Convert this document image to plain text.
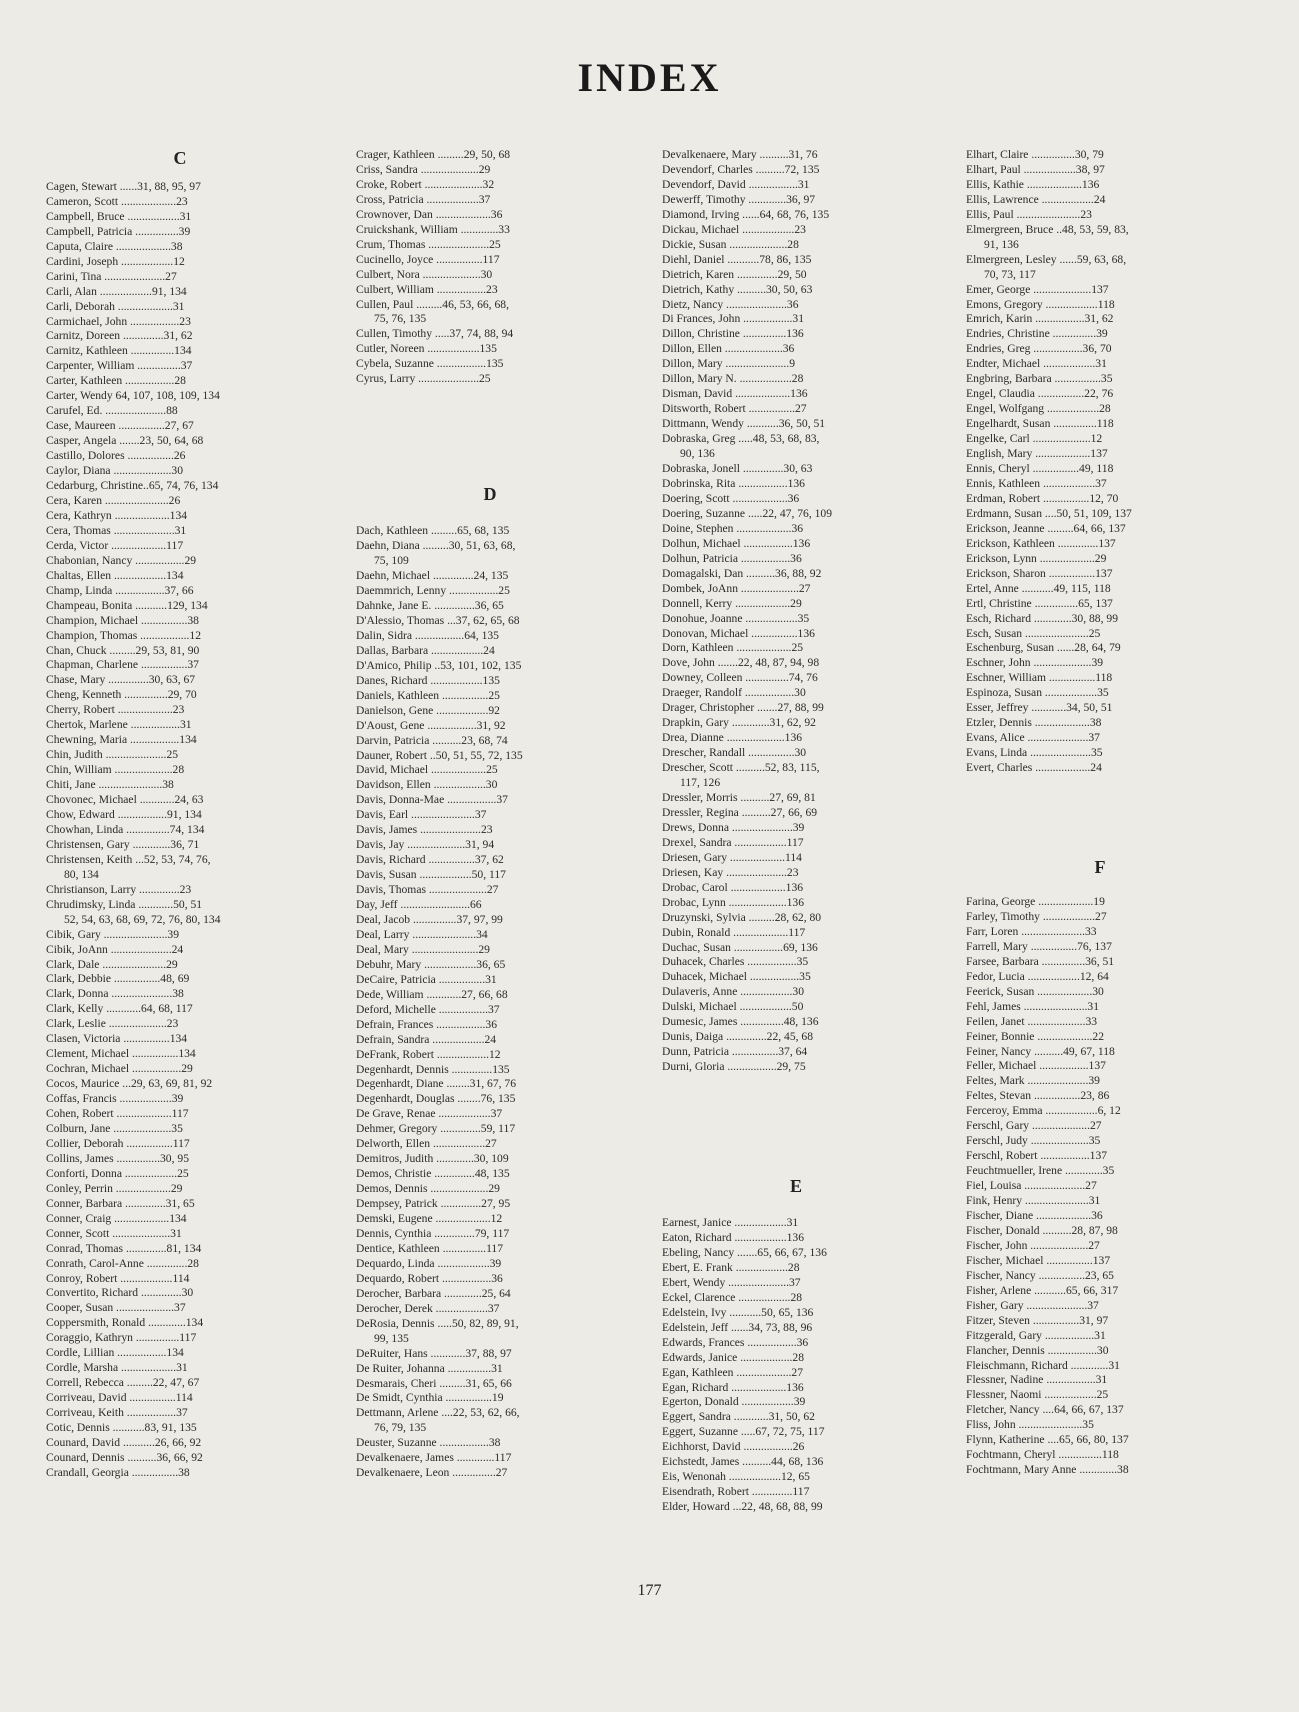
INDEX
C
Cagen, Stewart ......31, 88, 95, 97
Cameron, Scott ...................23
Campbell, Bruce ..................31
Campbell, Patricia ...............39
Caputa, Claire ...................38
Cardini, Joseph ..................12
Carini, Tina .....................27
Carli, Alan ..................91, 134
Carli, Deborah ...................31
Carmichael, John .................23
Carnitz, Doreen ..............31, 62
Carnitz, Kathleen ...............134
Carpenter, William ...............37
Carter, Kathleen .................28
Carter, Wendy 64, 107, 108, 109, 134
Carufel, Ed. .....................88
Case, Maureen ................27, 67
Casper, Angela .......23, 50, 64, 68
Castillo, Dolores ................26
Caylor, Diana ....................30
Cedarburg, Christine..65, 74, 76, 134
Cera, Karen ......................26
Cera, Kathryn ...................134
Cera, Thomas .....................31
Cerda, Victor ...................117
Chabonian, Nancy .................29
Chaltas, Ellen ..................134
Champ, Linda .................37, 66
Champeau, Bonita ...........129, 134
Champion, Michael ................38
Champion, Thomas .................12
Chan, Chuck .........29, 53, 81, 90
Chapman, Charlene ................37
Chase, Mary ..............30, 63, 67
Cheng, Kenneth ...............29, 70
Cherry, Robert ...................23
Chertok, Marlene .................31
Chewning, Maria .................134
Chin, Judith .....................25
Chin, William ....................28
Chiti, Jane ......................38
Chovonec, Michael ............24, 63
Chow, Edward .................91, 134
Chowhan, Linda ...............74, 134
Christensen, Gary .............36, 71
Christensen, Keith ...52, 53, 74, 76,
80, 134
Christianson, Larry ..............23
Chrudimsky, Linda ............50, 51
52, 54, 63, 68, 69, 72, 76, 80, 134
Cibik, Gary ......................39
Cibik, JoAnn .....................24
Clark, Dale ......................29
Clark, Debbie ................48, 69
Clark, Donna .....................38
Clark, Kelly ............64, 68, 117
Clark, Leslie ....................23
Clasen, Victoria ................134
Clement, Michael ................134
Cochran, Michael .................29
Cocos, Maurice ...29, 63, 69, 81, 92
Coffas, Francis ..................39
Cohen, Robert ...................117
Colburn, Jane ....................35
Collier, Deborah ................117
Collins, James ...............30, 95
Conforti, Donna ..................25
Conley, Perrin ...................29
Conner, Barbara ..............31, 65
Conner, Craig ...................134
Conner, Scott ....................31
Conrad, Thomas ..............81, 134
Conrath, Carol-Anne ..............28
Conroy, Robert ..................114
Convertito, Richard ..............30
Cooper, Susan ....................37
Coppersmith, Ronald .............134
Coraggio, Kathryn ...............117
Cordle, Lillian .................134
Cordle, Marsha ...................31
Correll, Rebecca .........22, 47, 67
Corriveau, David ................114
Corriveau, Keith .................37
Cotic, Dennis ...........83, 91, 135
Counard, David ...........26, 66, 92
Counard, Dennis ..........36, 66, 92
Crandall, Georgia ................38
Crager, Kathleen .........29, 50, 68
Criss, Sandra ....................29
Croke, Robert ....................32
Cross, Patricia ..................37
Crownover, Dan ...................36
Cruickshank, William .............33
Crum, Thomas .....................25
Cucinello, Joyce ................117
Culbert, Nora ....................30
Culbert, William .................23
Cullen, Paul .........46, 53, 66, 68,
75, 76, 135
Cullen, Timothy .....37, 74, 88, 94
Cutler, Noreen ..................135
Cybela, Suzanne .................135
Cyrus, Larry .....................25
D
Dach, Kathleen .........65, 68, 135
Daehn, Diana .........30, 51, 63, 68,
75, 109
Daehn, Michael ..............24, 135
Daemmrich, Lenny .................25
Dahnke, Jane E. ..............36, 65
D'Alessio, Thomas ...37, 62, 65, 68
Dalin, Sidra .................64, 135
Dallas, Barbara ..................24
D'Amico, Philip ..53, 101, 102, 135
Danes, Richard ..................135
Daniels, Kathleen ................25
Danielson, Gene ..................92
D'Aoust, Gene .................31, 92
Darvin, Patricia ..........23, 68, 74
Dauner, Robert ..50, 51, 55, 72, 135
David, Michael ...................25
Davidson, Ellen ..................30
Davis, Donna-Mae .................37
Davis, Earl ......................37
Davis, James .....................23
Davis, Jay ....................31, 94
Davis, Richard ................37, 62
Davis, Susan ..................50, 117
Davis, Thomas ....................27
Day, Jeff ........................66
Deal, Jacob ...............37, 97, 99
Deal, Larry ......................34
Deal, Mary .......................29
Debuhr, Mary ..................36, 65
DeCaire, Patricia ................31
Dede, William ............27, 66, 68
Deford, Michelle .................37
Defrain, Frances .................36
Defrain, Sandra ..................24
DeFrank, Robert ..................12
Degenhardt, Dennis ..............135
Degenhardt, Diane ........31, 67, 76
Degenhardt, Douglas ........76, 135
De Grave, Renae ..................37
Dehmer, Gregory ..............59, 117
Delworth, Ellen ..................27
Demitros, Judith .............30, 109
Demos, Christie ..............48, 135
Demos, Dennis ....................29
Dempsey, Patrick ..............27, 95
Demski, Eugene ...................12
Dennis, Cynthia ..............79, 117
Dentice, Kathleen ...............117
Dequardo, Linda ..................39
Dequardo, Robert .................36
Derocher, Barbara .............25, 64
Derocher, Derek ..................37
DeRosia, Dennis .....50, 82, 89, 91,
99, 135
DeRuiter, Hans ............37, 88, 97
De Ruiter, Johanna ...............31
Desmarais, Cheri .........31, 65, 66
De Smidt, Cynthia ................19
Dettmann, Arlene ....22, 53, 62, 66,
76, 79, 135
Deuster, Suzanne .................38
Devalkenaere, James .............117
Devalkenaere, Leon ...............27
Devalkenaere, Mary ..........31, 76
Devendorf, Charles ..........72, 135
Devendorf, David .................31
Dewerff, Timothy .............36, 97
Diamond, Irving ......64, 68, 76, 135
Dickau, Michael ..................23
Dickie, Susan ....................28
Diehl, Daniel ...........78, 86, 135
Dietrich, Karen ..............29, 50
Dietrich, Kathy ..........30, 50, 63
Dietz, Nancy .....................36
Di Frances, John .................31
Dillon, Christine ...............136
Dillon, Ellen ....................36
Dillon, Mary ......................9
Dillon, Mary N. ..................28
Disman, David ...................136
Ditsworth, Robert ................27
Dittmann, Wendy ...........36, 50, 51
Dobraska, Greg .....48, 53, 68, 83,
90, 136
Dobraska, Jonell ..............30, 63
Dobrinska, Rita .................136
Doering, Scott ...................36
Doering, Suzanne .....22, 47, 76, 109
Doine, Stephen ...................36
Dolhun, Michael .................136
Dolhun, Patricia .................36
Domagalski, Dan ..........36, 88, 92
Dombek, JoAnn ....................27
Donnell, Kerry ...................29
Donohue, Joanne ..................35
Donovan, Michael ................136
Dorn, Kathleen ...................25
Dove, John .......22, 48, 87, 94, 98
Downey, Colleen ...............74, 76
Draeger, Randolf .................30
Drager, Christopher .......27, 88, 99
Drapkin, Gary .............31, 62, 92
Drea, Dianne ....................136
Drescher, Randall ................30
Drescher, Scott ..........52, 83, 115,
117, 126
Dressler, Morris ..........27, 69, 81
Dressler, Regina ..........27, 66, 69
Drews, Donna .....................39
Drexel, Sandra ..................117
Driesen, Gary ...................114
Driesen, Kay .....................23
Drobac, Carol ...................136
Drobac, Lynn ....................136
Druzynski, Sylvia .........28, 62, 80
Dubin, Ronald ...................117
Duchac, Susan .................69, 136
Duhacek, Charles .................35
Duhacek, Michael .................35
Dulaveris, Anne ..................30
Dulski, Michael ..................50
Dumesic, James ...............48, 136
Dunis, Daiga ..............22, 45, 68
Dunn, Patricia ................37, 64
Durni, Gloria .................29, 75
E
Earnest, Janice ..................31
Eaton, Richard ..................136
Ebeling, Nancy .......65, 66, 67, 136
Ebert, E. Frank ..................28
Ebert, Wendy .....................37
Eckel, Clarence ..................28
Edelstein, Ivy ...........50, 65, 136
Edelstein, Jeff ......34, 73, 88, 96
Edwards, Frances .................36
Edwards, Janice ..................28
Egan, Kathleen ...................27
Egan, Richard ...................136
Egerton, Donald ..................39
Eggert, Sandra ............31, 50, 62
Eggert, Suzanne .....67, 72, 75, 117
Eichhorst, David .................26
Eichstedt, James ..........44, 68, 136
Eis, Wenonah ..................12, 65
Eisendrath, Robert ..............117
Elder, Howard ...22, 48, 68, 88, 99
Elhart, Claire ...............30, 79
Elhart, Paul ..................38, 97
Ellis, Kathie ...................136
Ellis, Lawrence ..................24
Ellis, Paul ......................23
Elmergreen, Bruce ..48, 53, 59, 83,
91, 136
Elmergreen, Lesley ......59, 63, 68,
70, 73, 117
Emer, George ....................137
Emons, Gregory ..................118
Emrich, Karin .................31, 62
Endries, Christine ...............39
Endries, Greg .................36, 70
Endter, Michael ..................31
Engbring, Barbara ................35
Engel, Claudia ................22, 76
Engel, Wolfgang ..................28
Engelhardt, Susan ...............118
Engelke, Carl ....................12
English, Mary ...................137
Ennis, Cheryl ................49, 118
Ennis, Kathleen ..................37
Erdman, Robert ................12, 70
Erdmann, Susan ....50, 51, 109, 137
Erickson, Jeanne .........64, 66, 137
Erickson, Kathleen ..............137
Erickson, Lynn ...................29
Erickson, Sharon ................137
Ertel, Anne ...........49, 115, 118
Ertl, Christine ...............65, 137
Esch, Richard .............30, 88, 99
Esch, Susan ......................25
Eschenburg, Susan ......28, 64, 79
Eschner, John ....................39
Eschner, William ................118
Espinoza, Susan ..................35
Esser, Jeffrey ............34, 50, 51
Etzler, Dennis ...................38
Evans, Alice .....................37
Evans, Linda .....................35
Evert, Charles ...................24
F
Farina, George ...................19
Farley, Timothy ..................27
Farr, Loren ......................33
Farrell, Mary ................76, 137
Farsee, Barbara ...............36, 51
Fedor, Lucia ..................12, 64
Feerick, Susan ...................30
Fehl, James ......................31
Feilen, Janet ....................33
Feiner, Bonnie ...................22
Feiner, Nancy ..........49, 67, 118
Feller, Michael .................137
Feltes, Mark .....................39
Feltes, Stevan ................23, 86
Ferceroy, Emma ..................6, 12
Ferschl, Gary ....................27
Ferschl, Judy ....................35
Ferschl, Robert .................137
Feuchtmueller, Irene .............35
Fiel, Louisa .....................27
Fink, Henry ......................31
Fischer, Diane ...................36
Fischer, Donald ..........28, 87, 98
Fischer, John ....................27
Fischer, Michael ................137
Fischer, Nancy ................23, 65
Fisher, Arlene ...........65, 66, 317
Fisher, Gary .....................37
Fitzer, Steven ................31, 97
Fitzgerald, Gary .................31
Flancher, Dennis .................30
Fleischmann, Richard .............31
Flessner, Nadine .................31
Flessner, Naomi ..................25
Fletcher, Nancy ....64, 66, 67, 137
Fliss, John ......................35
Flynn, Katherine ....65, 66, 80, 137
Fochtmann, Cheryl ...............118
Fochtmann, Mary Anne .............38
177
